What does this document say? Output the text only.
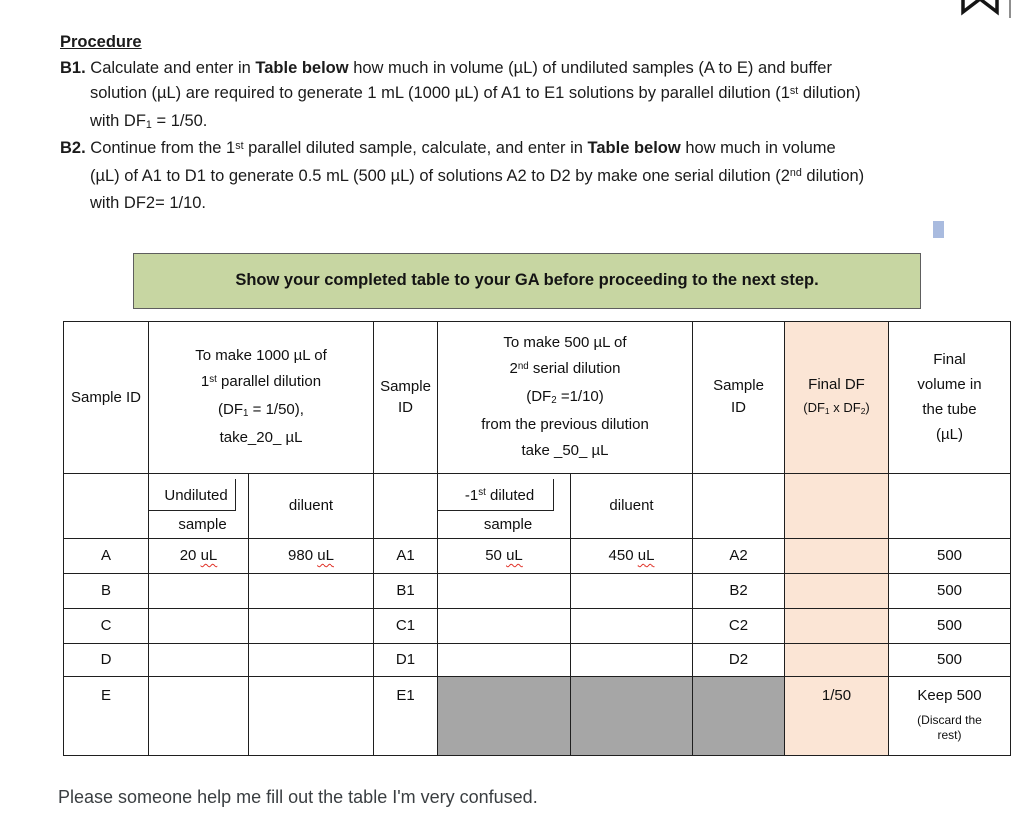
Procedure

B1. Calculate and enter in Table below how much in volume (µL) of undiluted samples (A to E) and buffer
solution (µL) are required to generate 1 mL (1000 µL) of A1 to E1 solutions by parallel dilution (1st dilution)
with DF1 = 1/50.

B2. Continue from the 1st parallel diluted sample, calculate, and enter in Table below how much in volume
(µL) of A1 to D1 to generate 0.5 mL (500 µL) of solutions A2 to D2 by make one serial dilution (2nd dilution)
with DF2= 1/10.

Show your completed table to your GA before proceeding to the next step.
Sample ID	
To make 1000 µL of
1st parallel dilution
(DF1 = 1/50),
take_20_ µL

Sample
ID

To make 500 µL of
2nd serial dilution
(DF2 =1/10)
from the previous dilution
take _50_ µL

Sample
ID

Final DF
(DF1 x DF2)

Final
volume in
the tube
(µL)

Undiluted
sample
	diluent		
-1st diluted
sample
	diluent			
A	20 uL	980 uL	A1	50 uL	450 uL	A2		500
B			B1			B2		500
C			C1			C2		500
D			D1			D2		500
E			E1				1/50	Keep 500
(Discard the
rest)

Please someone help me fill out the table I'm very confused.
